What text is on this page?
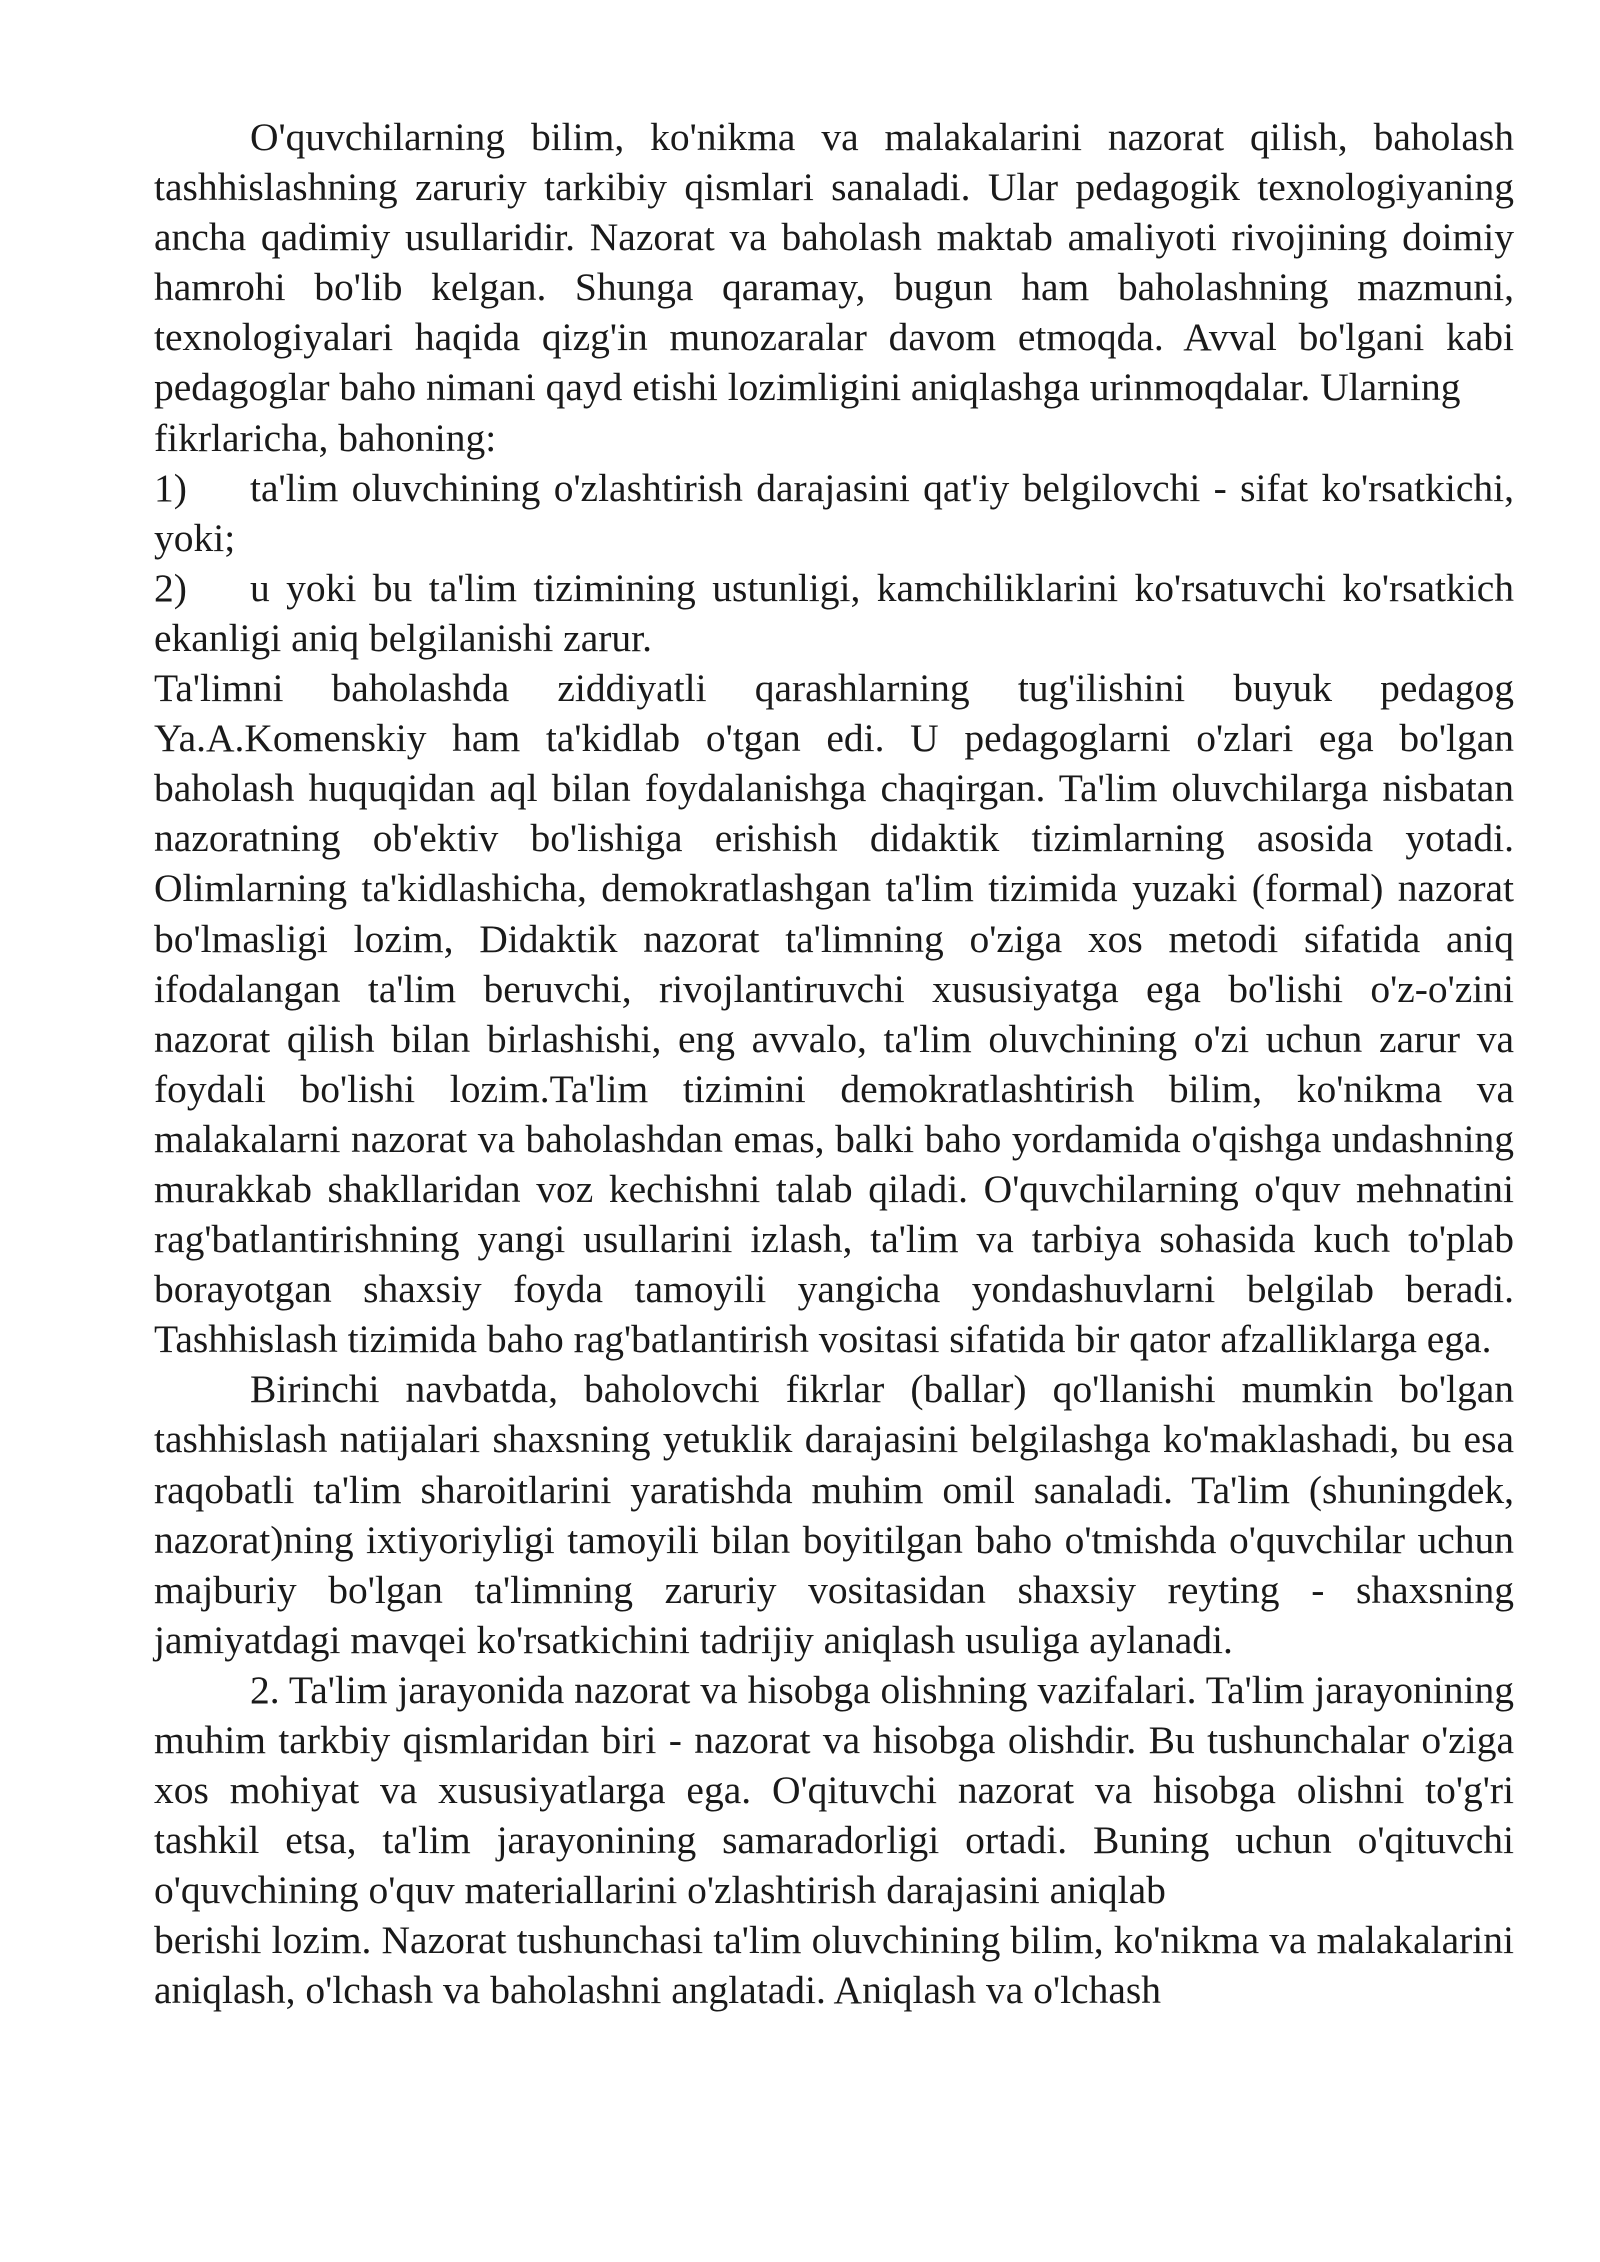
O'quvchilarning bilim, ko'nikma va malakalarini nazorat qilish, baholash tashhislashning zaruriy tarkibiy qismlari sanaladi. Ular pedagogik texnologiyaning ancha qadimiy usullaridir. Nazorat va baholash maktab amaliyoti rivojining doimiy hamrohi bo'lib kelgan. Shunga qaramay, bugun ham baholashning mazmuni, texnologiyalari haqida qizg'in munozaralar davom etmoqda. Avval bo'lgani kabi pedagoglar baho nimani qayd etishi lozimligini aniqlashga urinmoqdalar. Ularning

fikrlaricha, bahoning:

1) ta'lim oluvchining o'zlashtirish darajasini qat'iy belgilovchi - sifat ko'rsatkichi, yoki;
2) u yoki bu ta'lim tizimining ustunligi, kamchiliklarini ko'rsatuvchi ko'rsatkich ekanligi aniq belgilanishi zarur.

Ta'limni baholashda ziddiyatli qarashlarning tug'ilishini buyuk pedagog Ya.A.Komenskiy ham ta'kidlab o'tgan edi. U pedagoglarni o'zlari ega bo'lgan baholash huquqidan aql bilan foydalanishga chaqirgan. Ta'lim oluvchilarga nisbatan nazoratning ob'ektiv bo'lishiga erishish didaktik tizimlarning asosida yotadi. Olimlarning ta'kidlashicha, demokratlashgan ta'lim tizimida yuzaki (formal) nazorat bo'lmasligi lozim, Didaktik nazorat ta'limning o'ziga xos metodi sifatida aniq ifodalangan ta'lim beruvchi, rivojlantiruvchi xususiyatga ega bo'lishi o'z-o'zini nazorat qilish bilan birlashishi, eng avvalo, ta'lim oluvchining o'zi uchun zarur va foydali bo'lishi lozim.Ta'lim tizimini demokratlashtirish bilim, ko'nikma va malakalarni nazorat va baholashdan emas, balki baho yordamida o'qishga undashning murakkab shakllaridan voz kechishni talab qiladi. O'quvchilarning o'quv mehnatini rag'batlantirishning yangi usullarini izlash, ta'lim va tarbiya sohasida kuch to'plab borayotgan shaxsiy foyda tamoyili yangicha yondashuvlarni belgilab beradi. Tashhislash tizimida baho rag'batlantirish vositasi sifatida bir qator afzalliklarga ega.

Birinchi navbatda, baholovchi fikrlar (ballar) qo'llanishi mumkin bo'lgan tashhislash natijalari shaxsning yetuklik darajasini belgilashga ko'maklashadi, bu esa raqobatli ta'lim sharoitlarini yaratishda muhim omil sanaladi. Ta'lim (shuningdek, nazorat)ning ixtiyoriyligi tamoyili bilan boyitilgan baho o'tmishda o'quvchilar uchun majburiy bo'lgan ta'limning zaruriy vositasidan shaxsiy reyting - shaxsning jamiyatdagi mavqei ko'rsatkichini tadrijiy aniqlash usuliga aylanadi.

2. Ta'lim jarayonida nazorat va hisobga olishning vazifalari. Ta'lim jarayonining muhim tarkbiy qismlaridan biri - nazorat va hisobga olishdir. Bu tushunchalar o'ziga xos mohiyat va xususiyatlarga ega. O'qituvchi nazorat va hisobga olishni to'g'ri tashkil etsa, ta'lim jarayonining samaradorligi ortadi. Buning uchun o'qituvchi o'quvchining o'quv materiallarini o'zlashtirish darajasini aniqlab

berishi lozim. Nazorat tushunchasi ta'lim oluvchining bilim, ko'nikma va malakalarini aniqlash, o'lchash va baholashni anglatadi. Aniqlash va o'lchash
